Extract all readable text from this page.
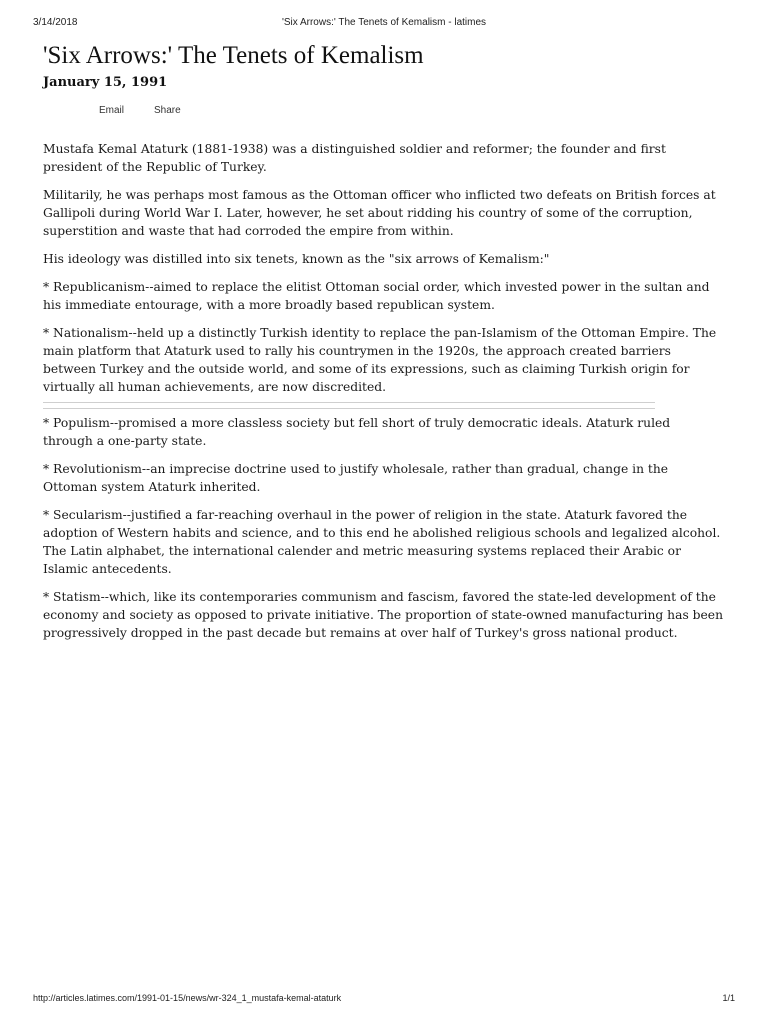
3/14/2018	'Six Arrows:' The Tenets of Kemalism - latimes
'Six Arrows:' The Tenets of Kemalism
January 15, 1991
Email	Share

Mustafa Kemal Ataturk (1881-1938) was a distinguished soldier and reformer; the founder and first president of the Republic of Turkey.

Militarily, he was perhaps most famous as the Ottoman officer who inflicted two defeats on British forces at Gallipoli during World War I. Later, however, he set about ridding his country of some of the corruption, superstition and waste that had corroded the empire from within.

His ideology was distilled into six tenets, known as the "six arrows of Kemalism:"

* Republicanism--aimed to replace the elitist Ottoman social order, which invested power in the sultan and his immediate entourage, with a more broadly based republican system.

* Nationalism--held up a distinctly Turkish identity to replace the pan-Islamism of the Ottoman Empire. The main platform that Ataturk used to rally his countrymen in the 1920s, the approach created barriers between Turkey and the outside world, and some of its expressions, such as claiming Turkish origin for virtually all human achievements, are now discredited.

* Populism--promised a more classless society but fell short of truly democratic ideals. Ataturk ruled through a one-party state.

* Revolutionism--an imprecise doctrine used to justify wholesale, rather than gradual, change in the Ottoman system Ataturk inherited.

* Secularism--justified a far-reaching overhaul in the power of religion in the state. Ataturk favored the adoption of Western habits and science, and to this end he abolished religious schools and legalized alcohol. The Latin alphabet, the international calender and metric measuring systems replaced their Arabic or Islamic antecedents.

* Statism--which, like its contemporaries communism and fascism, favored the state-led development of the economy and society as opposed to private initiative. The proportion of state-owned manufacturing has been progressively dropped in the past decade but remains at over half of Turkey's gross national product.

http://articles.latimes.com/1991-01-15/news/wr-324_1_mustafa-kemal-ataturk	1/1
